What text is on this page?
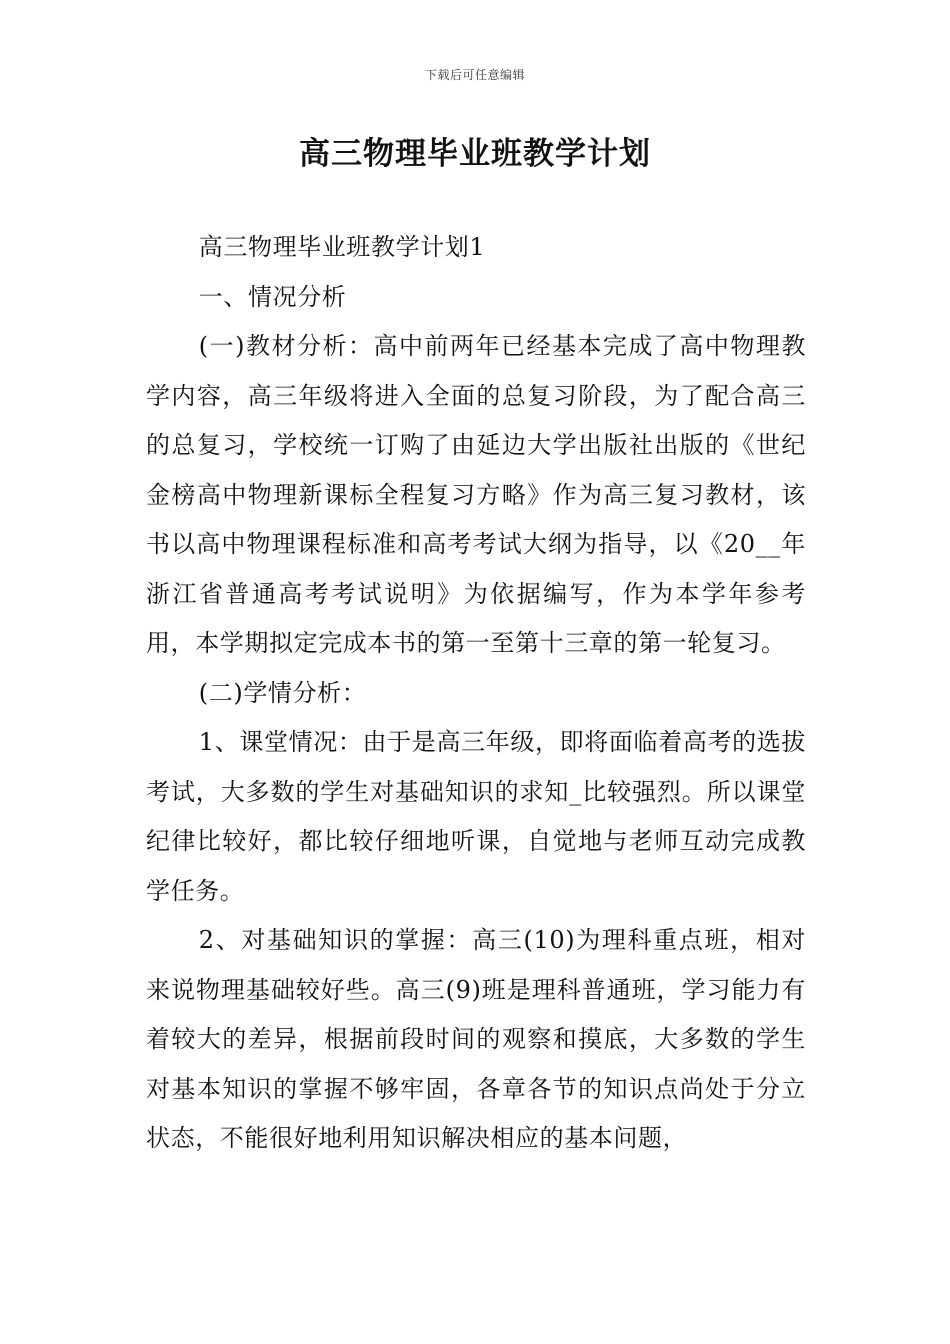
下载后可任意编辑
高三物理毕业班教学计划

高三物理毕业班教学计划1

一、情况分析

(一)教材分析：高中前两年已经基本完成了高中物理教学内容，高三年级将进入全面的总复习阶段，为了配合高三的总复习，学校统一订购了由延边大学出版社出版的《世纪金榜高中物理新课标全程复习方略》作为高三复习教材，该书以高中物理课程标准和高考考试大纲为指导，以《20__年浙江省普通高考考试说明》为依据编写，作为本学年参考用，本学期拟定完成本书的第一至第十三章的第一轮复习。

(二)学情分析：

1、课堂情况：由于是高三年级，即将面临着高考的选拔考试，大多数的学生对基础知识的求知_比较强烈。所以课堂纪律比较好，都比较仔细地听课，自觉地与老师互动完成教学任务。

2、对基础知识的掌握：高三(10)为理科重点班，相对来说物理基础较好些。高三(9)班是理科普通班，学习能力有着较大的差异，根据前段时间的观察和摸底，大多数的学生对基本知识的掌握不够牢固，各章各节的知识点尚处于分立状态，不能很好地利用知识解决相应的基本问题，
